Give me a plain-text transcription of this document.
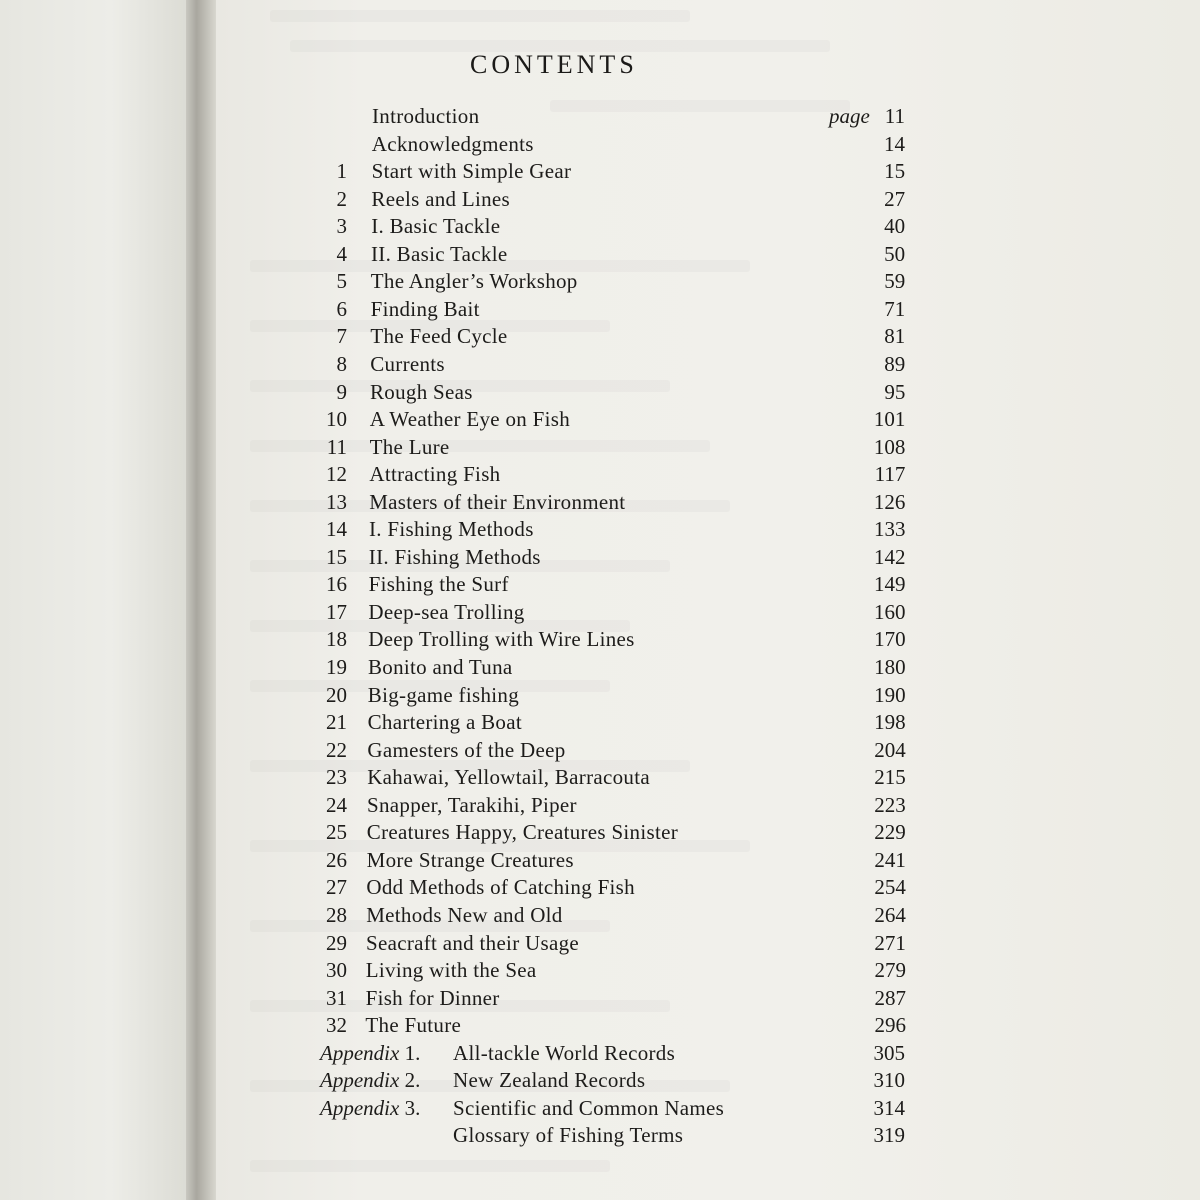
CONTENTS
Introduction	page 11
Acknowledgments	14
1 Start with Simple Gear	15
2 Reels and Lines	27
3 I. Basic Tackle	40
4 II. Basic Tackle	50
5 The Angler’s Workshop	59
6 Finding Bait	71
7 The Feed Cycle	81
8 Currents	89
9 Rough Seas	95
10 A Weather Eye on Fish	101
11 The Lure	108
12 Attracting Fish	117
13 Masters of their Environment	126
14 I. Fishing Methods	133
15 II. Fishing Methods	142
16 Fishing the Surf	149
17 Deep-sea Trolling	160
18 Deep Trolling with Wire Lines	170
19 Bonito and Tuna	180
20 Big-game fishing	190
21 Chartering a Boat	198
22 Gamesters of the Deep	204
23 Kahawai, Yellowtail, Barracouta	215
24 Snapper, Tarakihi, Piper	223
25 Creatures Happy, Creatures Sinister	229
26 More Strange Creatures	241
27 Odd Methods of Catching Fish	254
28 Methods New and Old	264
29 Seacraft and their Usage	271
30 Living with the Sea	279
31 Fish for Dinner	287
32 The Future	296
Appendix 1. All-tackle World Records	305
Appendix 2. New Zealand Records	310
Appendix 3. Scientific and Common Names	314
Glossary of Fishing Terms	319
